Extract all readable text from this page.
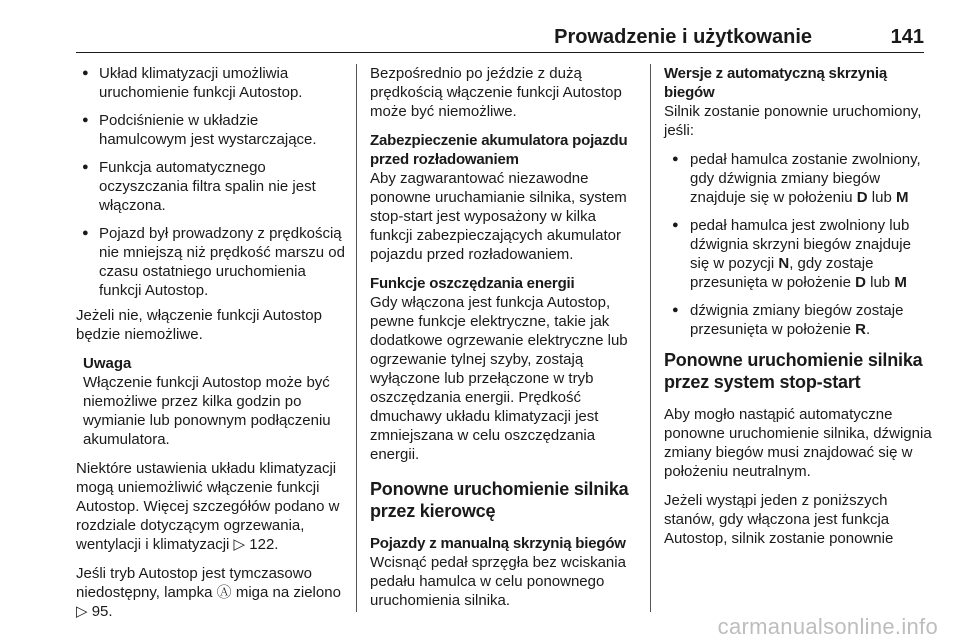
Prowadzenie i użytkowanie	141
● Układ klimatyzacji umożliwia uruchomienie funkcji Autostop.
● Podciśnienie w układzie hamulcowym jest wystarczające.
● Funkcja automatycznego oczyszczania filtra spalin nie jest włączona.
● Pojazd był prowadzony z prędkością nie mniejszą niż prędkość marszu od czasu ostatniego uruchomienia funkcji Autostop.

Jeżeli nie, włączenie funkcji Autostop będzie niemożliwe.

Uwaga
Włączenie funkcji Autostop może być niemożliwe przez kilka godzin po wymianie lub ponownym podłączeniu akumulatora.

Niektóre ustawienia układu klimatyzacji mogą uniemożliwić włączenie funkcji Autostop. Więcej szczegółów podano w rozdziale dotyczącym ogrzewania, wentylacji i klimatyzacji ▷ 122.

Jeśli tryb Autostop jest tymczasowo niedostępny, lampka Ⓐ miga na zielono ▷ 95.

Bezpośrednio po jeździe z dużą prędkością włączenie funkcji Autostop może być niemożliwe.

Zabezpieczenie akumulatora pojazdu przed rozładowaniem

Aby zagwarantować niezawodne ponowne uruchamianie silnika, system stop-start jest wyposażony w kilka funkcji zabezpieczających akumulator pojazdu przed rozładowaniem.

Funkcje oszczędzania energii

Gdy włączona jest funkcja Autostop, pewne funkcje elektryczne, takie jak dodatkowe ogrzewanie elektryczne lub ogrzewanie tylnej szyby, zostają wyłączone lub przełączone w tryb oszczędzania energii. Prędkość dmuchawy układu klimatyzacji jest zmniejszana w celu oszczędzania energii.

Ponowne uruchomienie silnika przez kierowcę
Pojazdy z manualną skrzynią biegów

Wcisnąć pedał sprzęgła bez wciskania pedału hamulca w celu ponownego uruchomienia silnika.

Wersje z automatyczną skrzynią biegów

Silnik zostanie ponownie uruchomiony, jeśli:

● pedał hamulca zostanie zwolniony, gdy dźwignia zmiany biegów znajduje się w położeniu D lub M
● pedał hamulca jest zwolniony lub dźwignia skrzyni biegów znajduje się w pozycji N, gdy zostaje przesunięta w położenie D lub M
● dźwignia zmiany biegów zostaje przesunięta w położenie R.
Ponowne uruchomienie silnika przez system stop-start

Aby mogło nastąpić automatyczne ponowne uruchomienie silnika, dźwignia zmiany biegów musi znajdować się w położeniu neutralnym.

Jeżeli wystąpi jeden z poniższych stanów, gdy włączona jest funkcja Autostop, silnik zostanie ponownie

carmanualsonline.info
